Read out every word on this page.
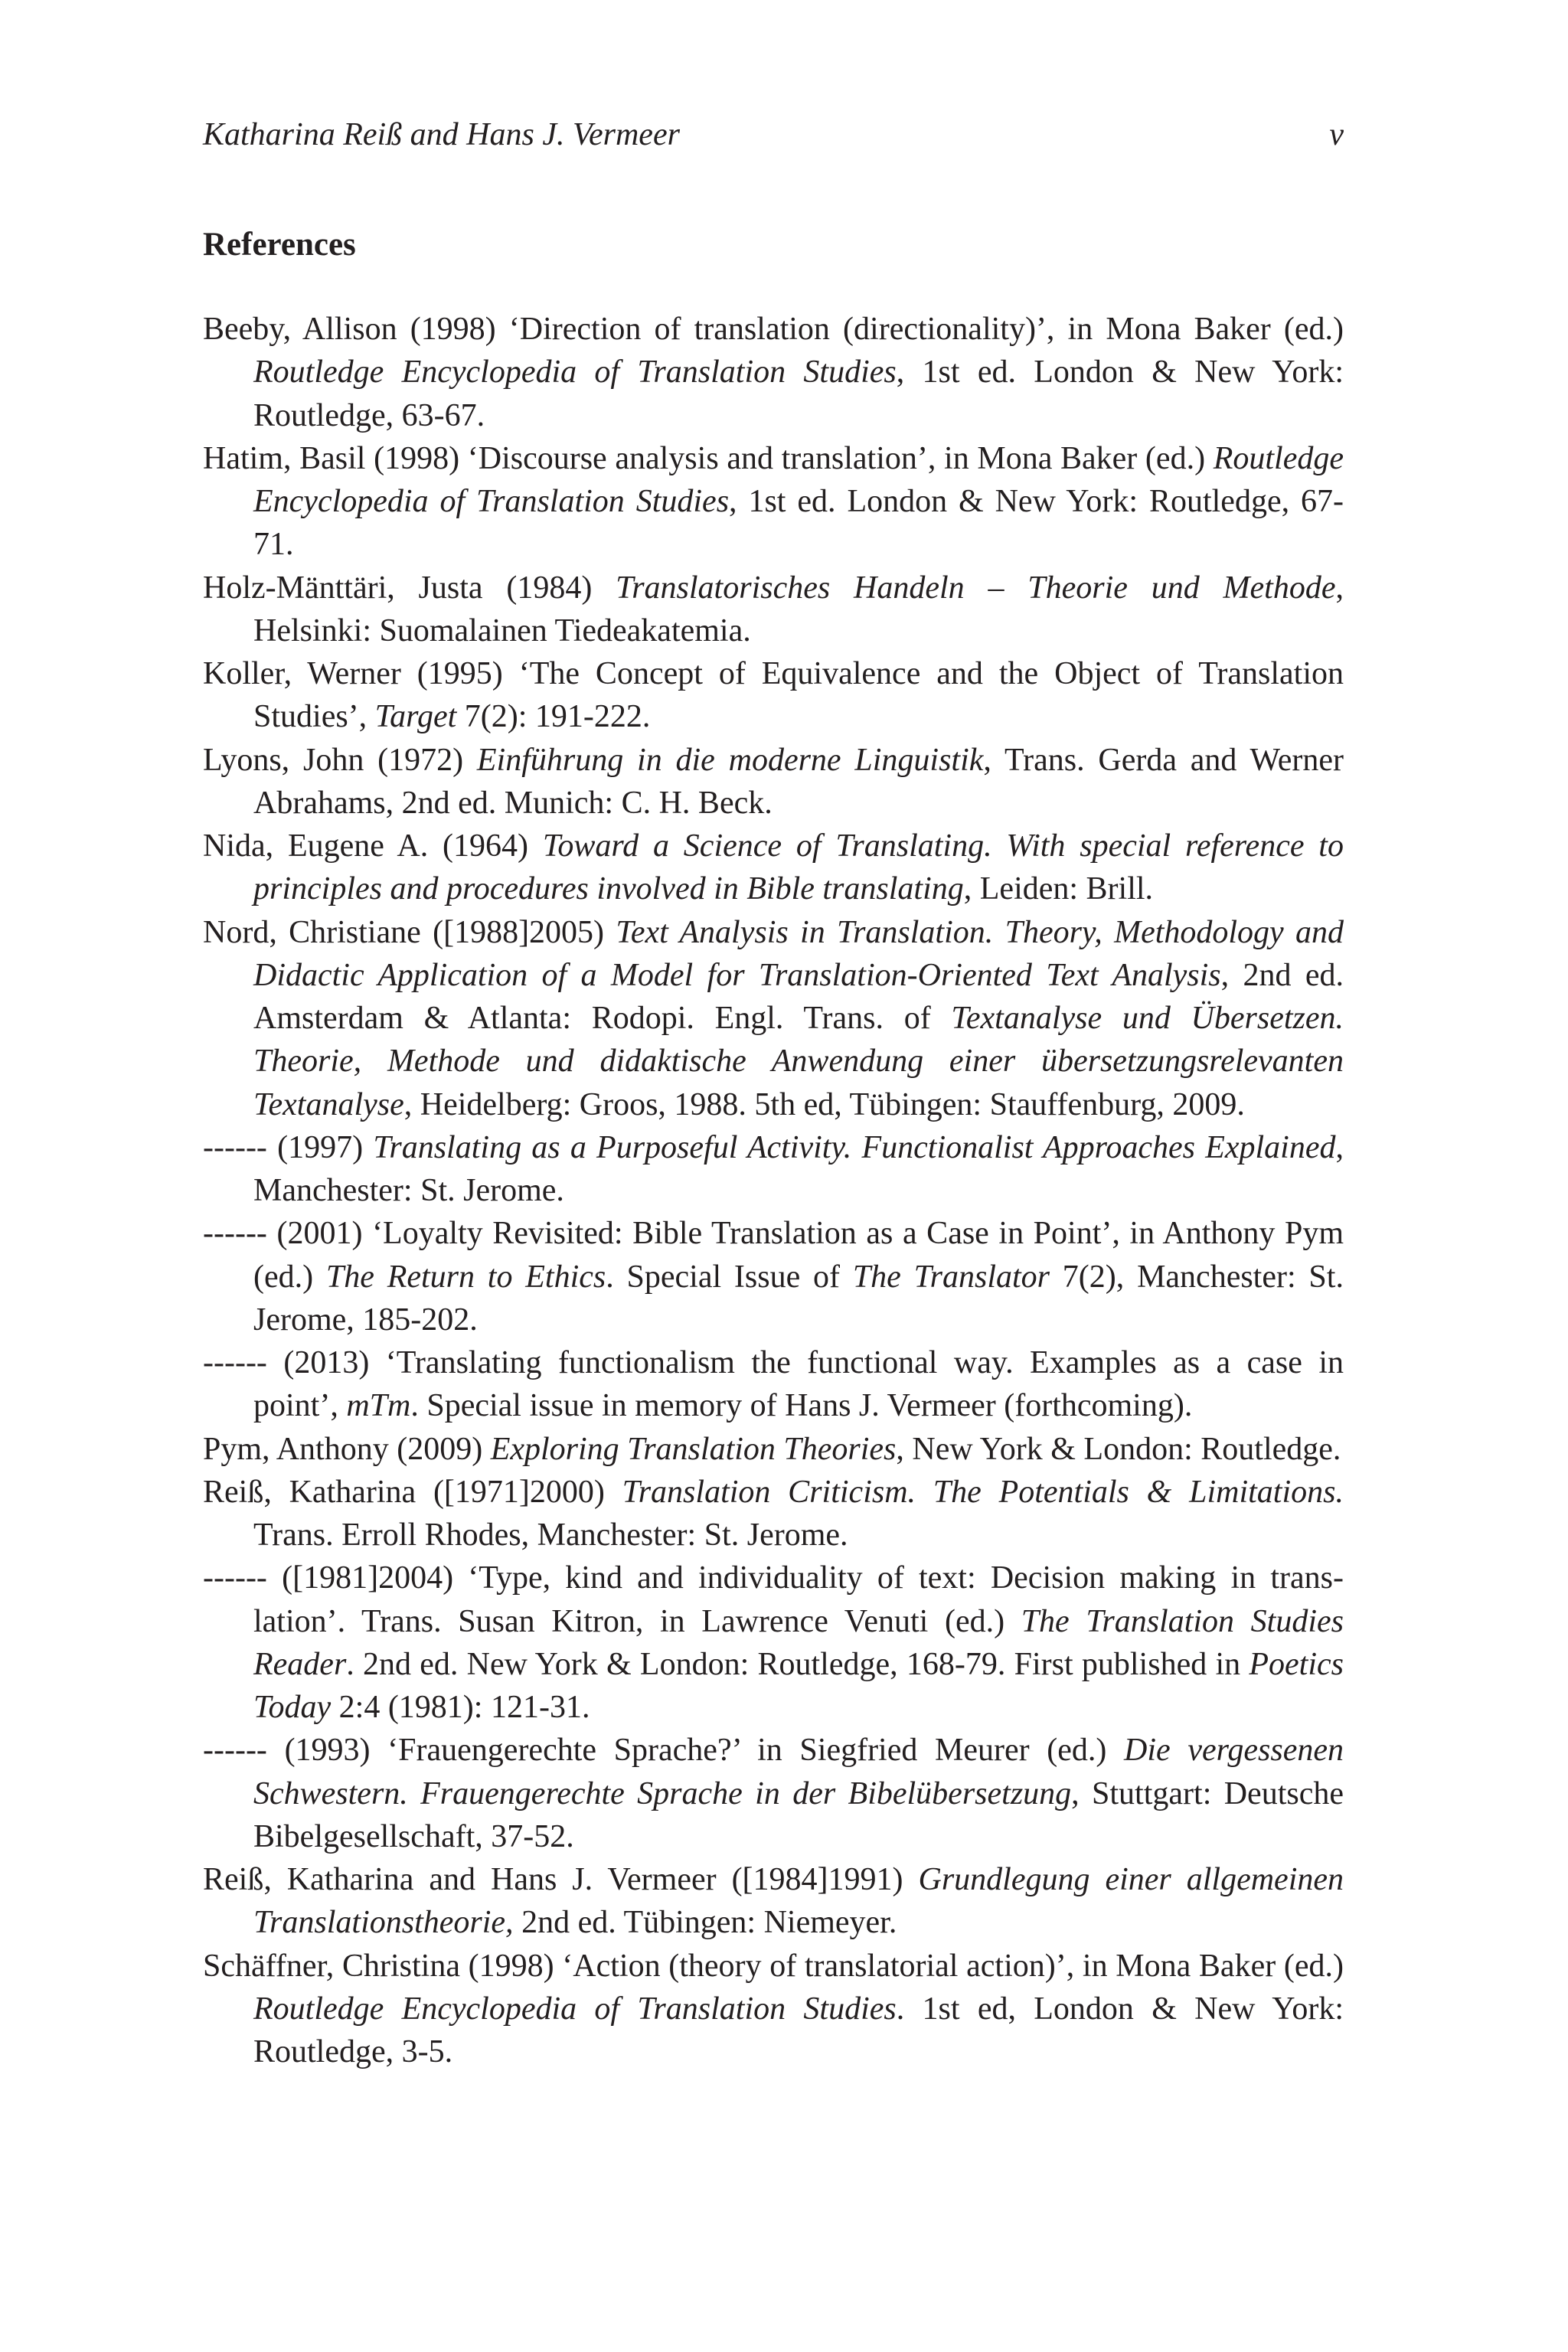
Katharina Reiß and Hans J. Vermeer	v
References
Beeby, Allison (1998) ‘Direction of translation (directionality)’, in Mona Baker (ed.) Routledge Encyclopedia of Translation Studies, 1st ed. London & New York: Routledge, 63-67.
Hatim, Basil (1998) ‘Discourse analysis and translation’, in Mona Baker (ed.) Routledge Encyclopedia of Translation Studies, 1st ed. London & New York: Routledge, 67-71.
Holz-Mänttäri, Justa (1984) Translatorisches Handeln – Theorie und Methode, Helsinki: Suomalainen Tiedeakatemia.
Koller, Werner (1995) ‘The Concept of Equivalence and the Object of Translation Studies’, Target 7(2): 191-222.
Lyons, John (1972) Einführung in die moderne Linguistik, Trans. Gerda and Werner Abrahams, 2nd ed. Munich: C. H. Beck.
Nida, Eugene A. (1964) Toward a Science of Translating. With special reference to principles and procedures involved in Bible translating, Leiden: Brill.
Nord, Christiane ([1988]2005) Text Analysis in Translation. Theory, Methodology and Didactic Application of a Model for Translation-Oriented Text Analysis, 2nd ed. Amsterdam & Atlanta: Rodopi. Engl. Trans. of Textanalyse und Übersetzen. Theorie, Methode und didaktische Anwendung einer übersetzungsrelevanten Textanalyse, Heidelberg: Groos, 1988. 5th ed, Tübingen: Stauffenburg, 2009.
------ (1997) Translating as a Purposeful Activity. Functionalist Approaches Explained, Manchester: St. Jerome.
------ (2001) ‘Loyalty Revisited: Bible Translation as a Case in Point’, in Anthony Pym (ed.) The Return to Ethics. Special Issue of The Translator 7(2), Manchester: St. Jerome, 185-202.
------ (2013) ‘Translating functionalism the functional way. Examples as a case in point’, mTm. Special issue in memory of Hans J. Vermeer (forthcoming).
Pym, Anthony (2009) Exploring Translation Theories, New York & London: Routledge.
Reiß, Katharina ([1971]2000) Translation Criticism. The Potentials & Limitations. Trans. Erroll Rhodes, Manchester: St. Jerome.
------ ([1981]2004) ‘Type, kind and individuality of text: Decision making in translation’. Trans. Susan Kitron, in Lawrence Venuti (ed.) The Translation Studies Reader. 2nd ed. New York & London: Routledge, 168-79. First published in Poetics Today 2:4 (1981): 121-31.
------ (1993) ‘Frauengerechte Sprache?’ in Siegfried Meurer (ed.) Die vergessenen Schwestern. Frauengerechte Sprache in der Bibelübersetzung, Stuttgart: Deutsche Bibelgesellschaft, 37-52.
Reiß, Katharina and Hans J. Vermeer ([1984]1991) Grundlegung einer allgemeinen Translationstheorie, 2nd ed. Tübingen: Niemeyer.
Schäffner, Christina (1998) ‘Action (theory of translatorial action)’, in Mona Baker (ed.) Routledge Encyclopedia of Translation Studies. 1st ed, London & New York: Routledge, 3-5.
